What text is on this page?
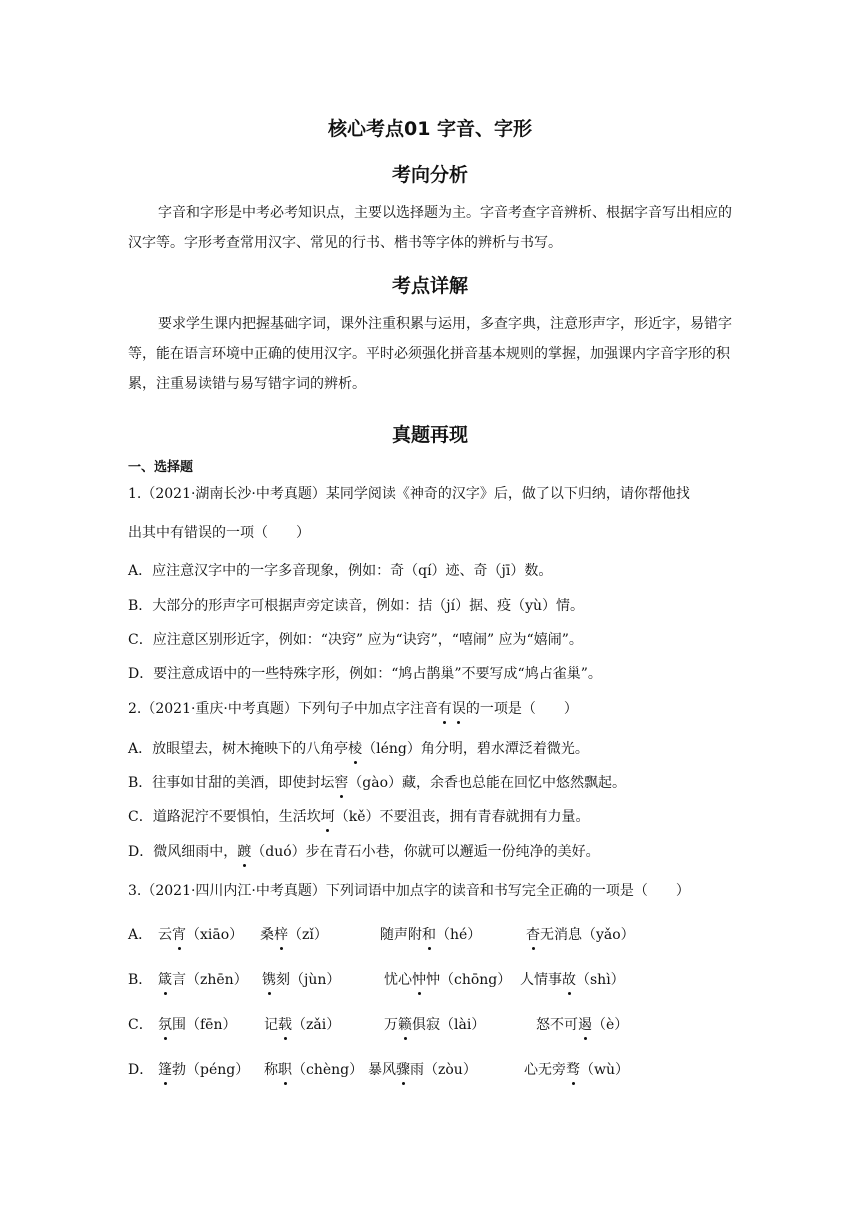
核心考点01 字音、字形
考向分析

字音和字形是中考必考知识点，主要以选择题为主。字音考查字音辨析、根据字音写出相应的汉字等。字形考查常用汉字、常见的行书、楷书等字体的辨析与书写。

考点详解

要求学生课内把握基础字词，课外注重积累与运用，多查字典，注意形声字，形近字，易错字等，能在语言环境中正确的使用汉字。平时必须强化拼音基本规则的掌握，加强课内字音字形的积累，注重易读错与易写错字词的辨析。

真题再现
一、选择题
1.（2021·湖南长沙·中考真题）某同学阅读《神奇的汉字》后，做了以下归纳，请你帮他找
出其中有错误的一项（　　）
A．应注意汉字中的一字多音现象，例如：奇（qí）迹、奇（jī）数。
B．大部分的形声字可根据声旁定读音，例如：拮（jí）据、疫（yù）情。
C．应注意区别形近字，例如：“决窍” 应为“诀窍”，“嘻闹” 应为“嬉闹”。
D．要注意成语中的一些特殊字形，例如：“鸠占鹊巢”不要写成“鸠占雀巢”。
2.（2021·重庆·中考真题）下列句子中加点字注音有误的一项是（　　）
A．放眼望去，树木掩映下的八角亭棱（léng）角分明，碧水潭泛着微光。
B．往事如甘甜的美酒，即使封坛窖（gào）藏，余香也总能在回忆中悠然飘起。
C．道路泥泞不要惧怕，生活坎坷（kě）不要沮丧，拥有青春就拥有力量。
D．微风细雨中，踱（duó）步在青石小巷，你就可以邂逅一份纯净的美好。
3.（2021·四川内江·中考真题）下列词语中加点字的读音和书写完全正确的一项是（　　）
A． 云宵（xiāo） 桑梓（zǐ）	随声附和（hé）	杳无消息（yǎo）
B． 箴言（zhēn） 镌刻（jùn）	忧心忡忡（chōng） 人情事故（shì）
C． 氛围（fēn） 记载（zǎi）	万籁俱寂（lài）	怒不可遏（è）
D． 篷勃（péng） 称职（chèng） 暴风骤雨（zòu）	心无旁骛（wù）
